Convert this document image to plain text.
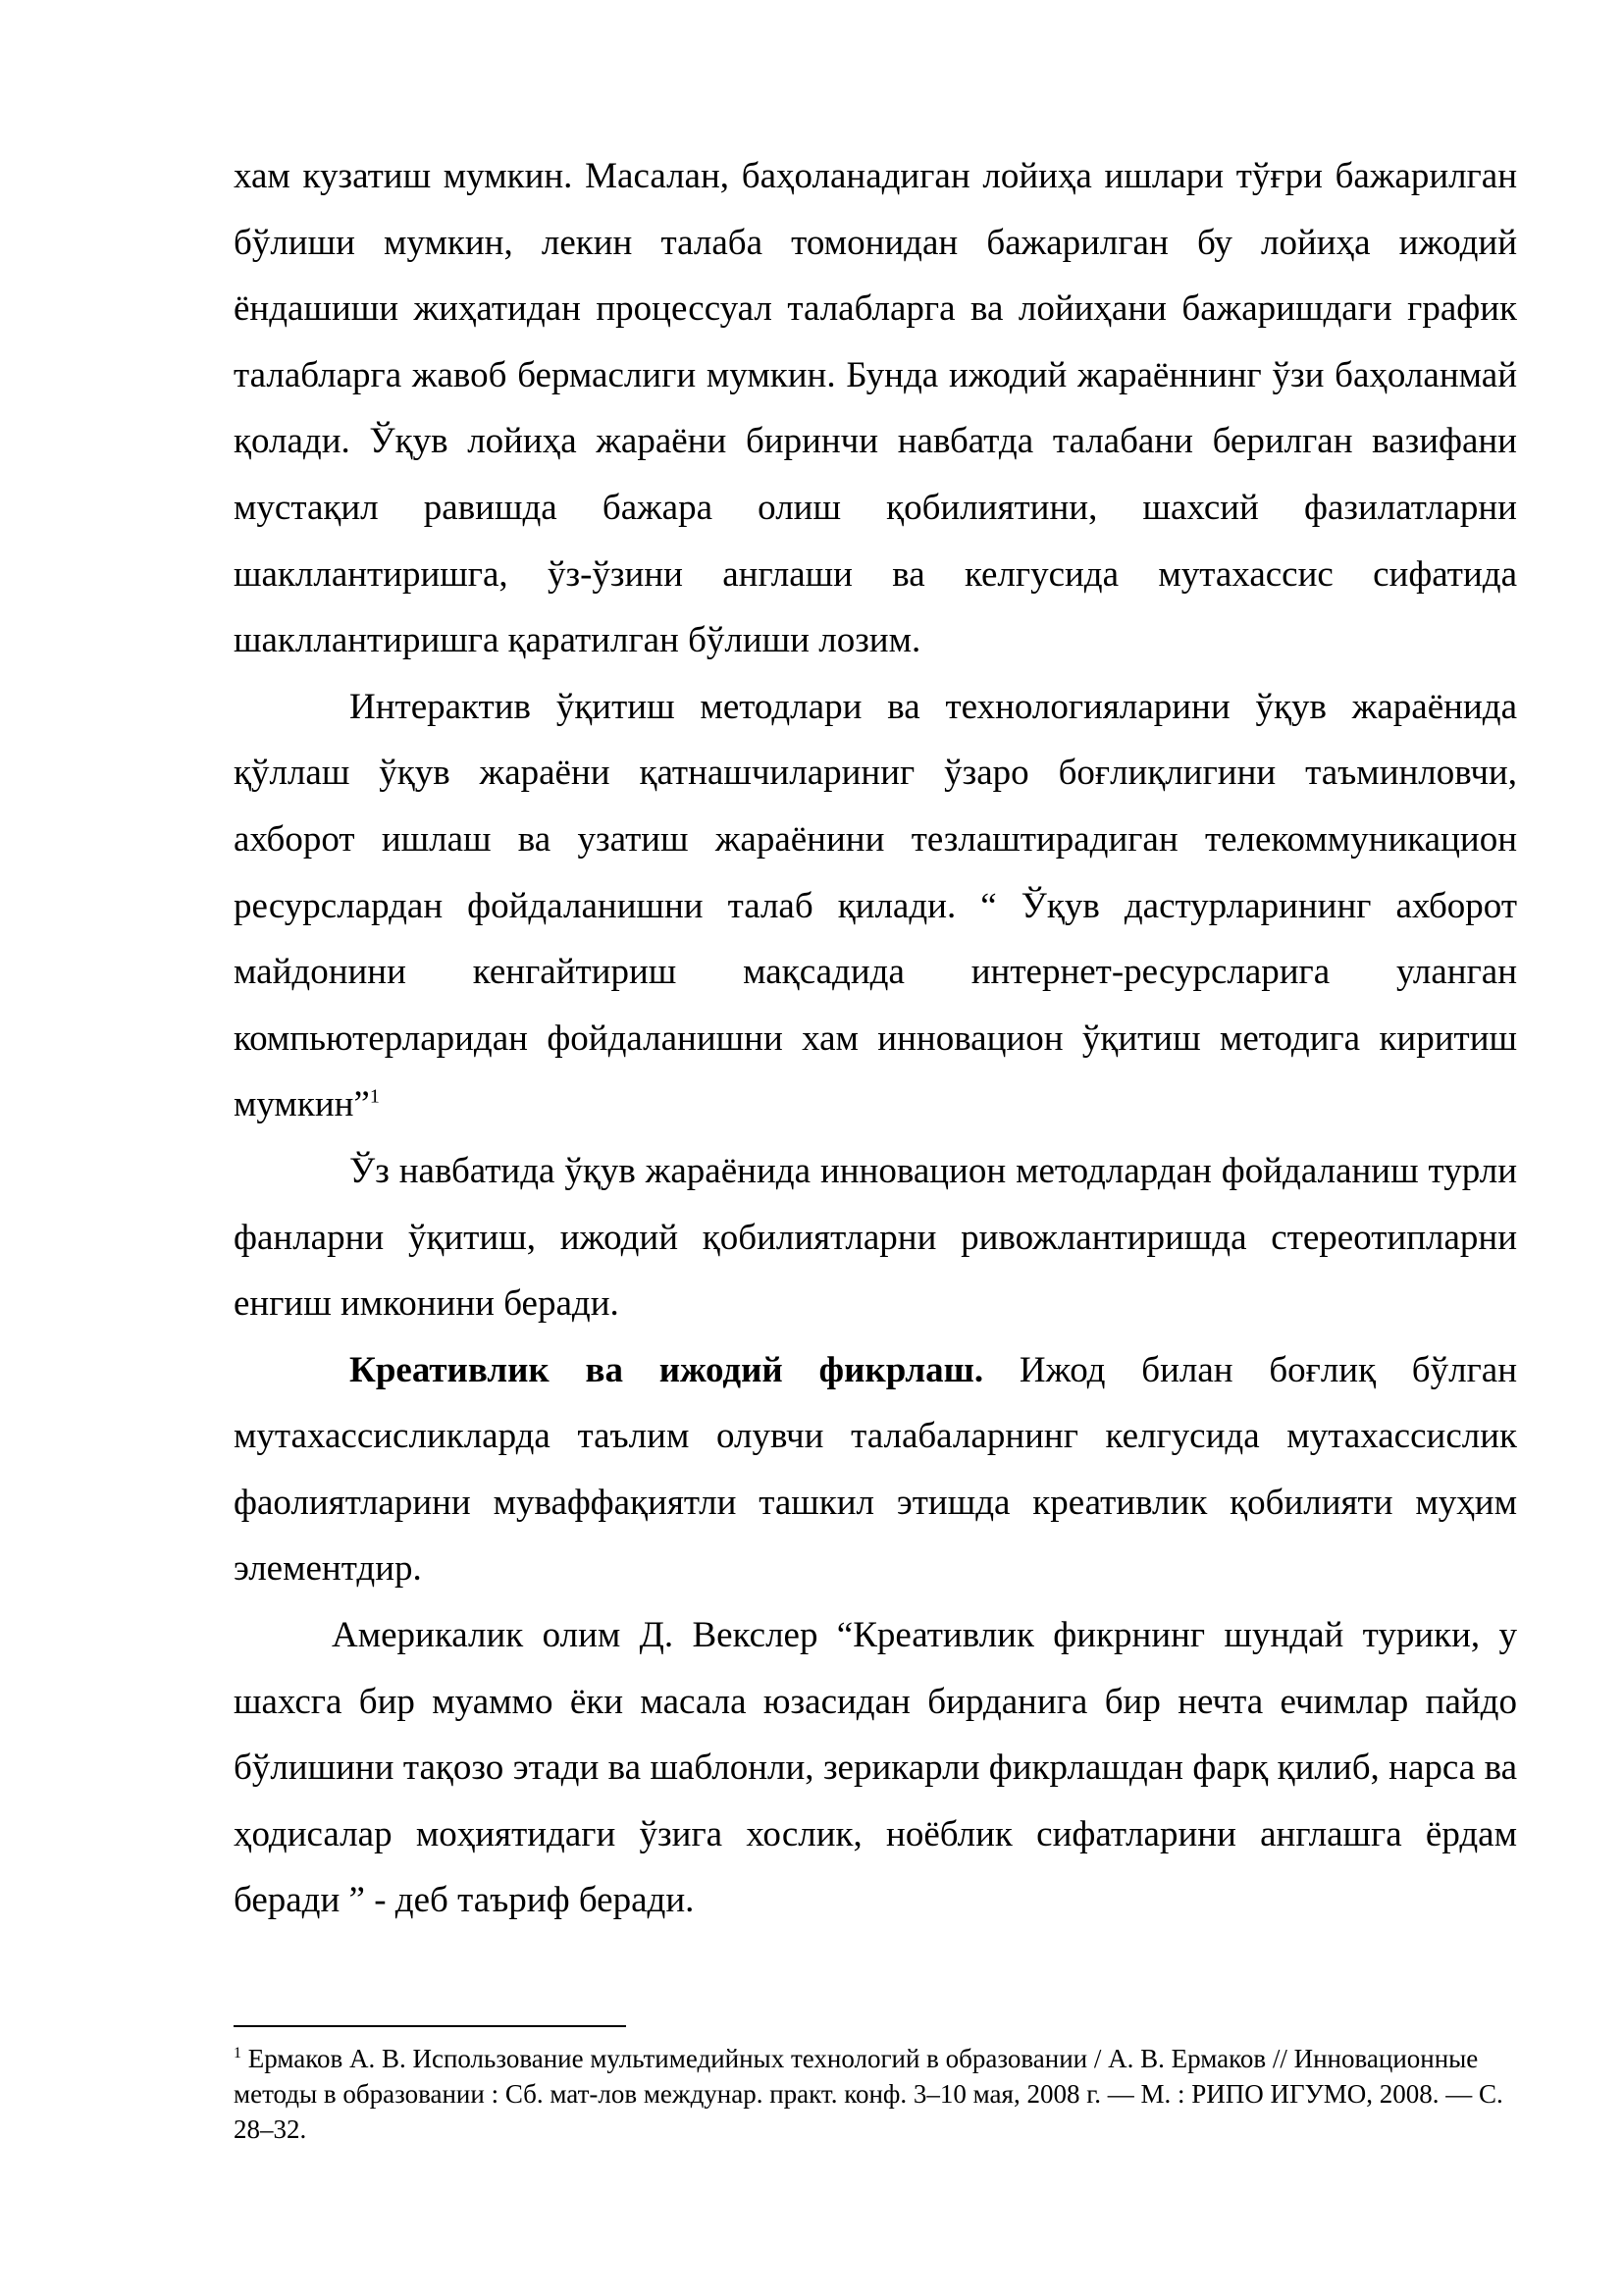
хам кузатиш мумкин. Масалан, баҳоланадиган лойиҳа ишлари тўғри бажарилган бўлиши мумкин, лекин талаба томонидан бажарилган бу лойиҳа ижодий ёндашиши жиҳатидан процессуал талабларга ва лойиҳани бажаришдаги график талабларга жавоб бермаслиги мумкин. Бунда ижодий жараённинг ўзи баҳоланмай қолади. Ўқув лойиҳа жараёни биринчи навбатда талабани берилган вазифани мустақил равишда бажара олиш қобилиятини, шахсий фазилатларни шакллантиришга, ўз-ўзини англаши ва келгусида мутахассис сифатида шакллантиришга қаратилган бўлиши лозим.

Интерактив ўқитиш методлари ва технологияларини ўқув жараёнида қўллаш ўқув жараёни қатнашчилариниг ўзаро боғлиқлигини таъминловчи, ахборот ишлаш ва узатиш жараёнини тезлаштирадиган телекоммуникацион ресурслардан фойдаланишни талаб қилади. “ Ўқув дастурларининг ахборот майдонини кенгайтириш мақсадида интернет-ресурсларига уланган компьютерларидан фойдаланишни хам инновацион ўқитиш методига киритиш мумкин”$^1$

Ўз навбатида ўқув жараёнида инновацион методлардан фойдаланиш турли фанларни ўқитиш, ижодий қобилиятларни ривожлантиришда стереотипларни енгиш имконини беради.

Креативлик ва ижодий фикрлаш. Ижод билан боғлиқ бўлган мутахассисликларда таълим олувчи талабаларнинг келгусида мутахассислик фаолиятларини муваффақиятли ташкил этишда креативлик қобилияти муҳим элементдир.

Америкалик олим Д. Векслер “Креативлик фикрнинг шундай турики, у шахсга бир муаммо ёки масала юзасидан бирданига бир нечта ечимлар пайдо бўлишини тақозо этади ва шаблонли, зерикарли фикрлашдан фарқ қилиб, нарса ва ҳодисалар моҳиятидаги ўзига хослик, ноёблик сифатларини англашга ёрдам беради ” - деб таъриф беради.

$^1$ Ермаков А. В. Использование мультимедийных технологий в образовании / А. В. Ермаков // Инновационные методы в образовании : Сб. мат-лов междунар. практ. конф. 3–10 мая, 2008 г. — М. : РИПО ИГУМО, 2008. — С. 28–32.
